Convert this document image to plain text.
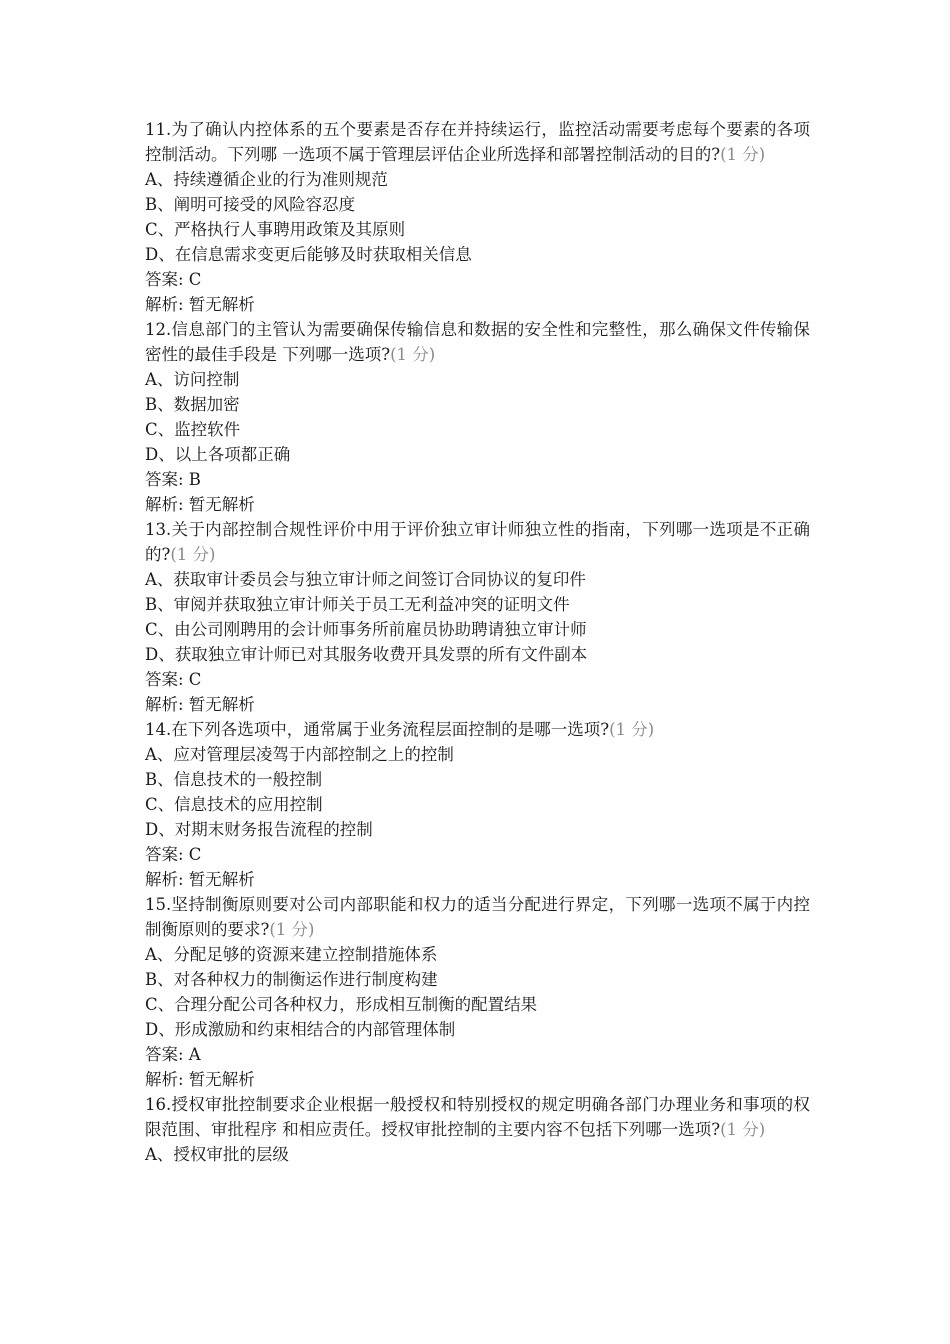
11.为了确认内控体系的五个要素是否存在并持续运行，监控活动需要考虑每个要素的各项控制活动。下列哪 一选项不属于管理层评估企业所选择和部署控制活动的目的?(1 分)

A、持续遵循企业的行为准则规范

B、阐明可接受的风险容忍度

C、严格执行人事聘用政策及其原则

D、在信息需求变更后能够及时获取相关信息

答案: C

解析: 暂无解析

12.信息部门的主管认为需要确保传输信息和数据的安全性和完整性，那么确保文件传输保密性的最佳手段是 下列哪一选项?(1 分)

A、访问控制

B、数据加密

C、监控软件

D、以上各项都正确

答案: B

解析: 暂无解析

13.关于内部控制合规性评价中用于评价独立审计师独立性的指南，下列哪一选项是不正确的?(1 分)

A、获取审计委员会与独立审计师之间签订合同协议的复印件

B、审阅并获取独立审计师关于员工无利益冲突的证明文件

C、由公司刚聘用的会计师事务所前雇员协助聘请独立审计师

D、获取独立审计师已对其服务收费开具发票的所有文件副本

答案: C

解析: 暂无解析

14.在下列各选项中，通常属于业务流程层面控制的是哪一选项?(1 分)

A、应对管理层凌驾于内部控制之上的控制

B、信息技术的一般控制

C、信息技术的应用控制

D、对期末财务报告流程的控制

答案: C

解析: 暂无解析

15.坚持制衡原则要对公司内部职能和权力的适当分配进行界定，下列哪一选项不属于内控制衡原则的要求?(1 分)

A、分配足够的资源来建立控制措施体系

B、对各种权力的制衡运作进行制度构建

C、合理分配公司各种权力，形成相互制衡的配置结果

D、形成激励和约束相结合的内部管理体制

答案: A

解析: 暂无解析

16.授权审批控制要求企业根据一般授权和特别授权的规定明确各部门办理业务和事项的权限范围、审批程序 和相应责任。授权审批控制的主要内容不包括下列哪一选项?(1 分)

A、授权审批的层级
